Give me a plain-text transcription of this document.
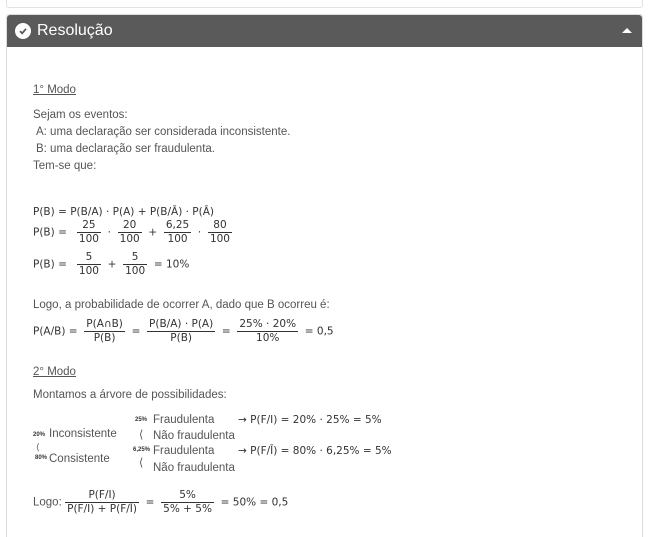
Resolução
1° Modo
Sejam os eventos:
A: uma declaração ser considerada inconsistente.
B: uma declaração ser fraudulenta.
Tem-se que:
P(B) = P(B/A) · P(A) + P(B/Ā) · P(Ā)
$P(B) = \frac{25}{100} \cdot \frac{20}{100} + \frac{6,25}{100} \cdot \frac{80}{100}$
$P(B) = \frac{5}{100} + \frac{5}{100} = 10\%$
Logo, a probabilidade de ocorrer A, dado que B ocorreu é:
$P(A/B) = \frac{P(A\cap B)}{P(B)} = \frac{P(B/A) \cdot P(A)}{P(B)} = \frac{25\% \cdot 20\%}{10\%} = 0,5$
2° Modo
Montamos a árvore de possibilidades:
25% Fraudulenta → P(F/I) = 20% · 25% = 5%
20% Inconsistente ⟨ Não fraudulenta
⟨	6,25% Fraudulenta → P(F/Ī) = 80% · 6,25% = 5%
80% Consistente	⟨ Não fraudulenta
Logo: $\frac{P(F/I)}{P(F/I) + P(F/Ī)} = \frac{5\%}{5\% + 5\%} = 50\% = 0,5$
